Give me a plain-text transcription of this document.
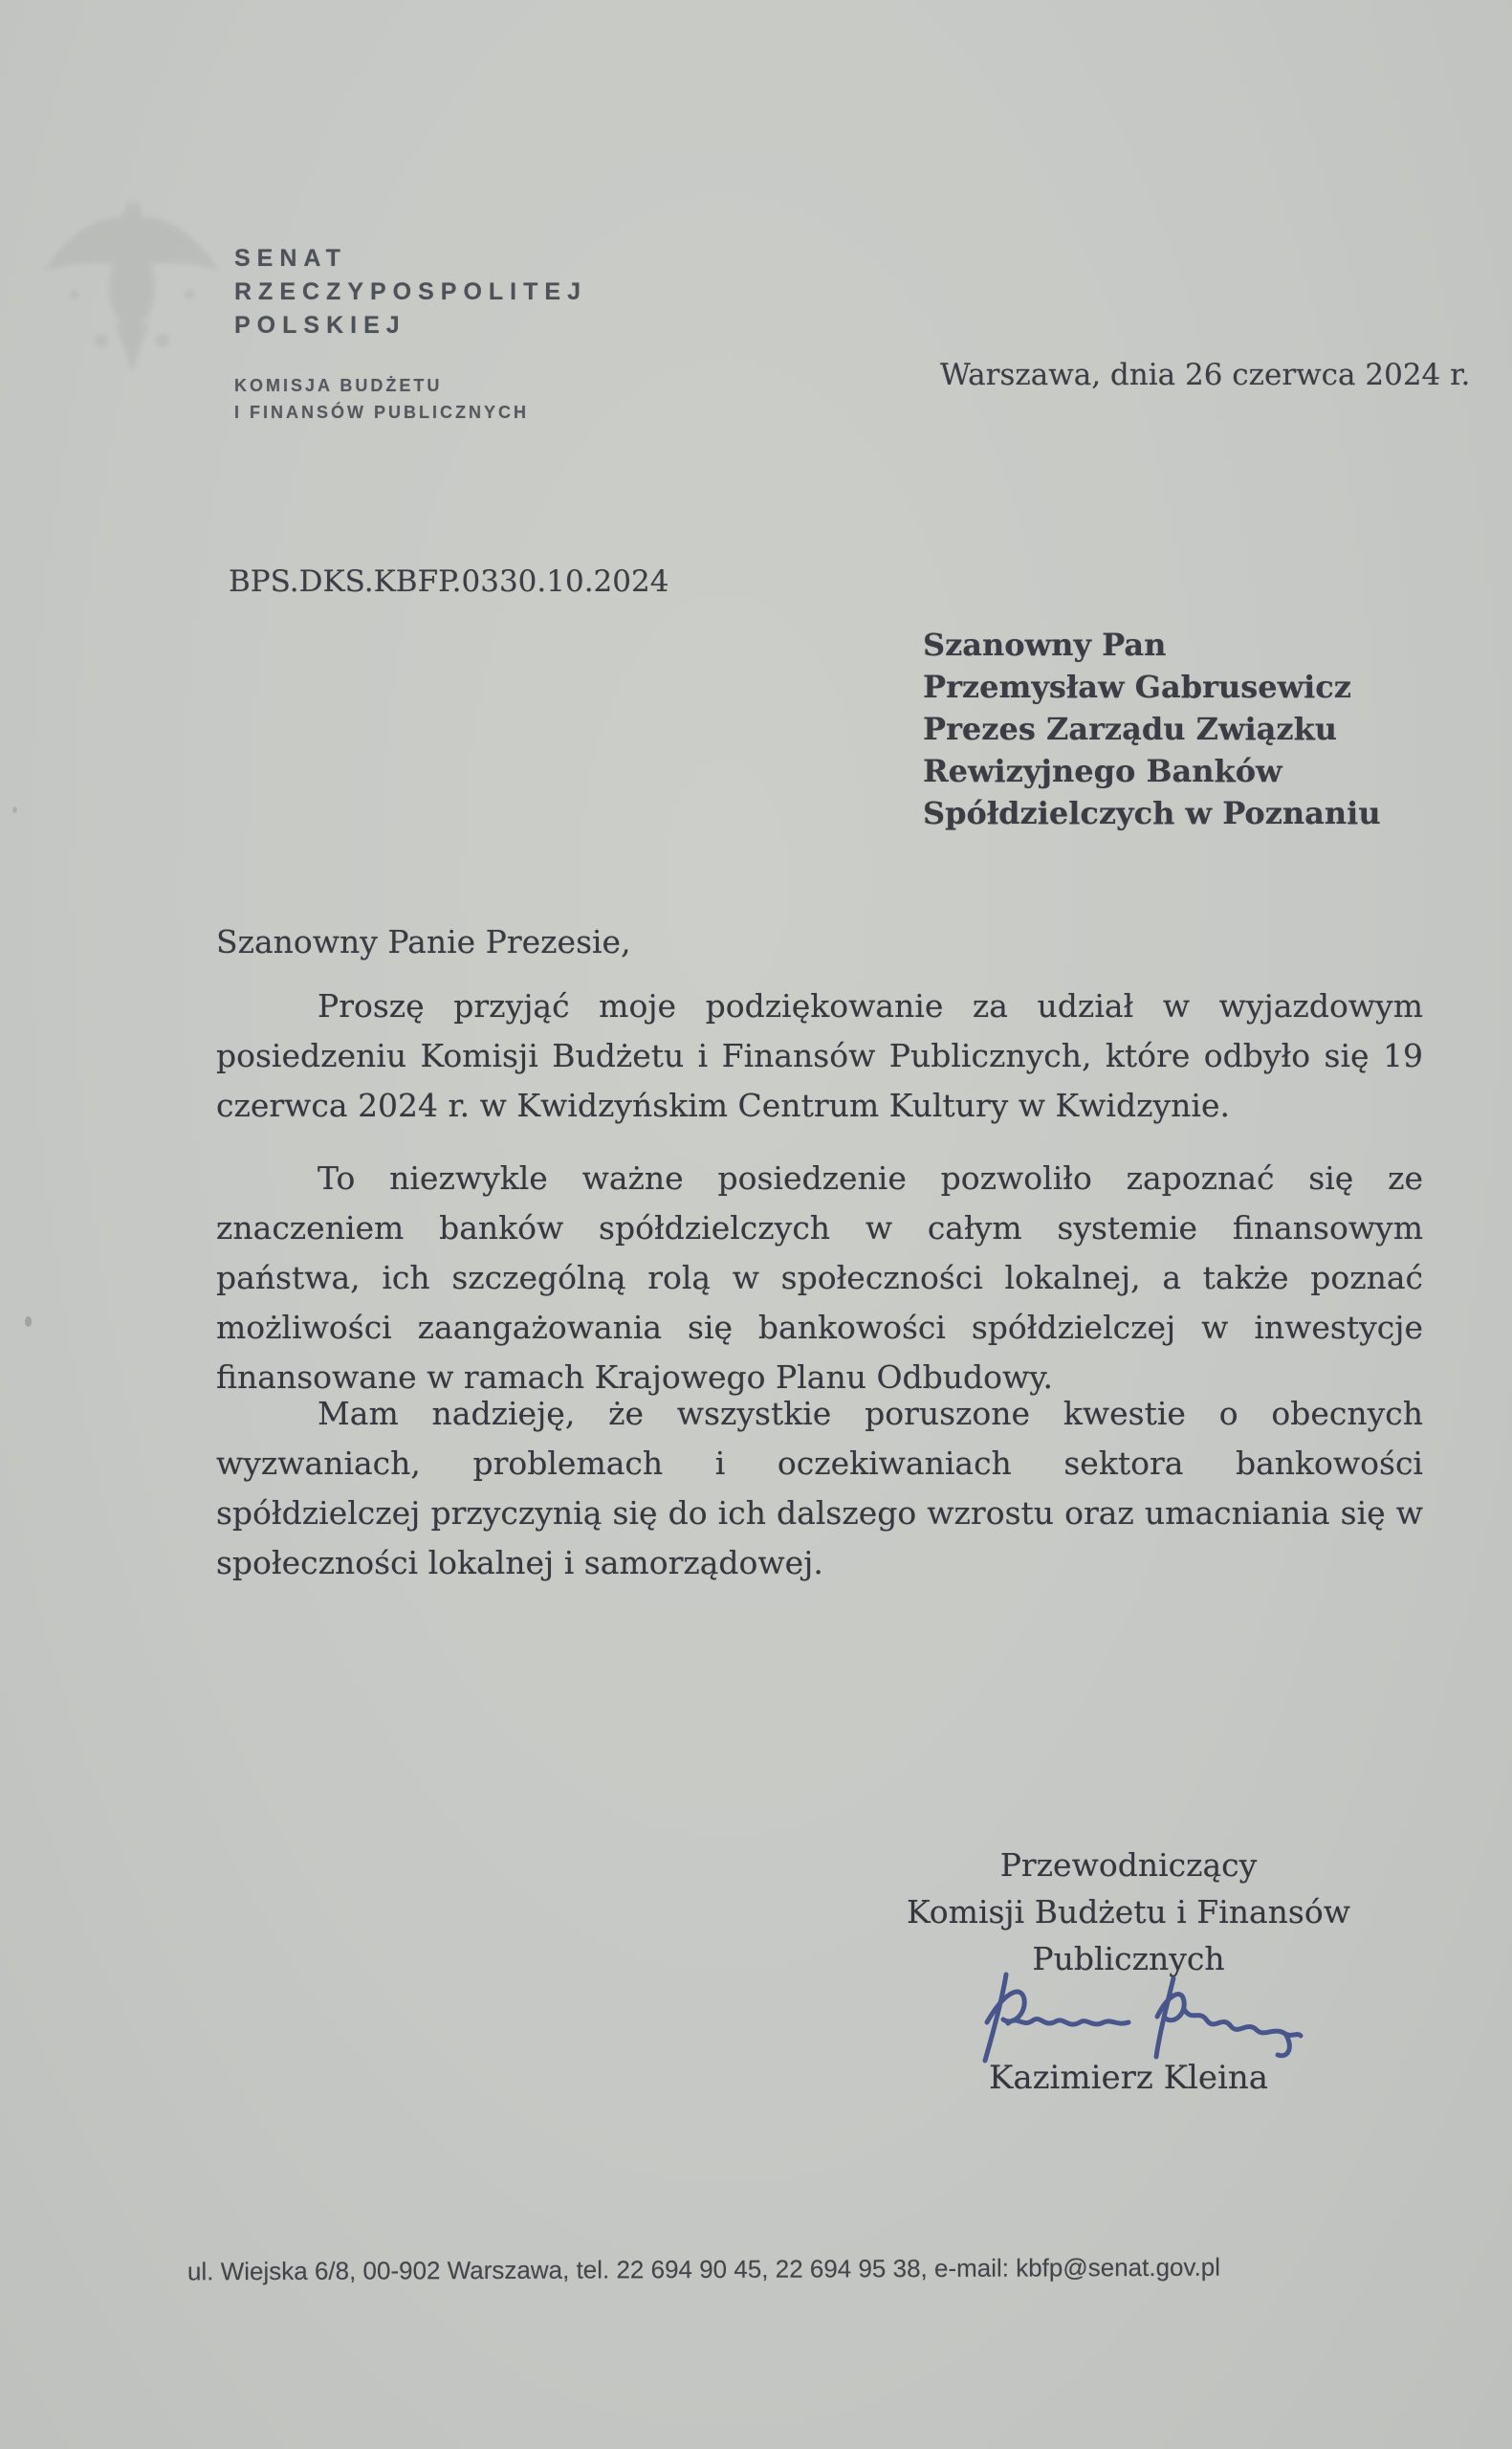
SENAT
RZECZYPOSPOLITEJ
POLSKIEJ
KOMISJA BUDŻETU
I FINANSÓW PUBLICZNYCH
Warszawa, dnia 26 czerwca 2024 r.
BPS.DKS.KBFP.0330.10.2024
Szanowny Pan
Przemysław Gabrusewicz
Prezes Zarządu Związku
Rewizyjnego Banków
Spółdzielczych w Poznaniu
Szanowny Panie Prezesie,
Proszę przyjąć moje podziękowanie za udział w wyjazdowym posiedzeniu Komisji Budżetu i Finansów Publicznych, które odbyło się 19 czerwca 2024 r. w Kwidzyńskim Centrum Kultury w Kwidzynie.
To niezwykle ważne posiedzenie pozwoliło zapoznać się ze znaczeniem banków spółdzielczych w całym systemie finansowym państwa, ich szczególną rolą w społeczności lokalnej, a także poznać możliwości zaangażowania się bankowości spółdzielczej w inwestycje finansowane w ramach Krajowego Planu Odbudowy.
Mam nadzieję, że wszystkie poruszone kwestie o obecnych wyzwaniach, problemach i oczekiwaniach sektora bankowości spółdzielczej przyczynią się do ich dalszego wzrostu oraz umacniania się w społeczności lokalnej i samorządowej.
Przewodniczący
Komisji Budżetu i Finansów
Publicznych
Kazimierz Kleina
ul. Wiejska 6/8, 00-902 Warszawa, tel. 22 694 90 45, 22 694 95 38, e-mail: kbfp@senat.gov.pl
